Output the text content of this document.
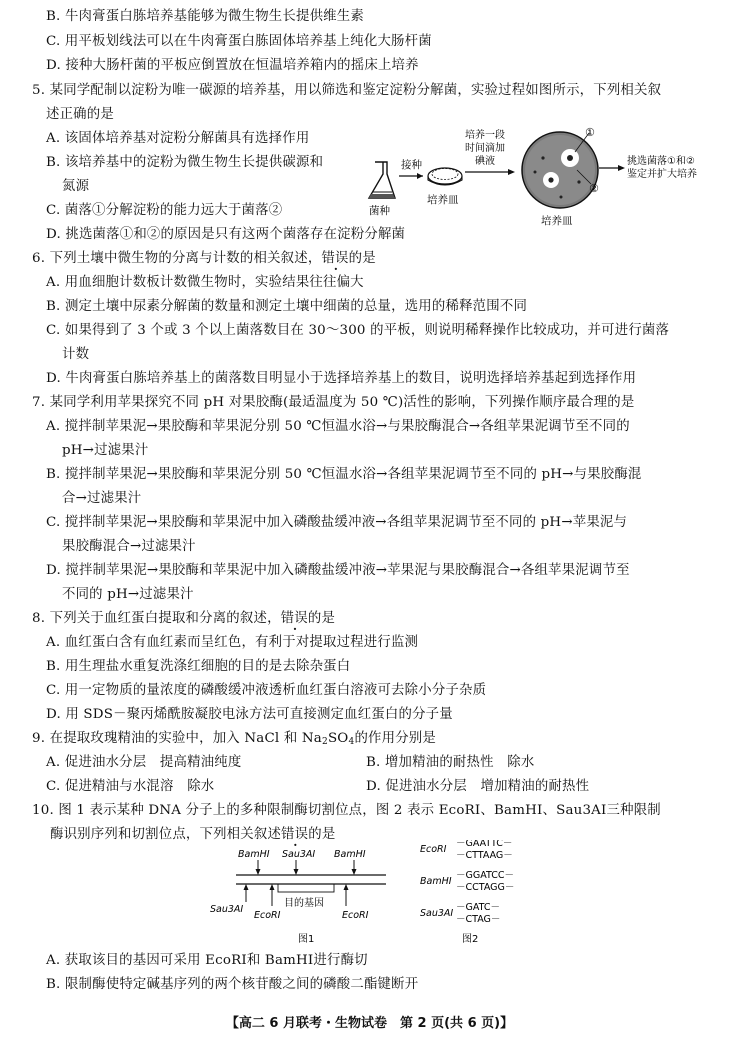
B. 牛肉膏蛋白胨培养基能够为微生物生长提供维生素
C. 用平板划线法可以在牛肉膏蛋白胨固体培养基上纯化大肠杆菌
D. 接种大肠杆菌的平板应倒置放在恒温培养箱内的摇床上培养
5. 某同学配制以淀粉为唯一碳源的培养基，用以筛选和鉴定淀粉分解菌，实验过程如图所示，下列相关叙
述正确的是
A. 该固体培养基对淀粉分解菌具有选择作用
B. 该培养基中的淀粉为微生物生长提供碳源和
氮源
C. 菌落①分解淀粉的能力远大于菌落②
D. 挑选菌落①和②的原因是只有这两个菌落存在淀粉分解菌
菌种
接种
培养皿
培养一段
时间滴加
碘液
①
②
培养皿
挑选菌落①和②
鉴定并扩大培养
6. 下列土壤中微生物的分离与计数的相关叙述，错误的是
A. 用血细胞计数板计数微生物时，实验结果往往偏大
B. 测定土壤中尿素分解菌的数量和测定土壤中细菌的总量，选用的稀释范围不同
C. 如果得到了 3 个或 3 个以上菌落数目在 30～300 的平板，则说明稀释操作比较成功，并可进行菌落
计数
D. 牛肉膏蛋白胨培养基上的菌落数目明显小于选择培养基上的数目，说明选择培养基起到选择作用
7. 某同学利用苹果探究不同 pH 对果胶酶(最适温度为 50 ℃)活性的影响，下列操作顺序最合理的是
A. 搅拌制苹果泥→果胶酶和苹果泥分别 50 ℃恒温水浴→与果胶酶混合→各组苹果泥调节至不同的
pH→过滤果汁
B. 搅拌制苹果泥→果胶酶和苹果泥分别 50 ℃恒温水浴→各组苹果泥调节至不同的 pH→与果胶酶混
合→过滤果汁
C. 搅拌制苹果泥→果胶酶和苹果泥中加入磷酸盐缓冲液→各组苹果泥调节至不同的 pH→苹果泥与
果胶酶混合→过滤果汁
D. 搅拌制苹果泥→果胶酶和苹果泥中加入磷酸盐缓冲液→苹果泥与果胶酶混合→各组苹果泥调节至
不同的 pH→过滤果汁
8. 下列关于血红蛋白提取和分离的叙述，错误的是
A. 血红蛋白含有血红素而呈红色，有利于对提取过程进行监测
B. 用生理盐水重复洗涤红细胞的目的是去除杂蛋白
C. 用一定物质的量浓度的磷酸缓冲液透析血红蛋白溶液可去除小分子杂质
D. 用 SDS－聚丙烯酰胺凝胶电泳方法可直接测定血红蛋白的分子量
9. 在提取玫瑰精油的实验中，加入 NaCl 和 $Na_2SO_4$的作用分别是
A. 促进油水分层　提高精油纯度	B. 增加精油的耐热性　除水
C. 促进精油与水混溶　除水	D. 促进油水分层　增加精油的耐热性
10. 图 1 表示某种 DNA 分子上的多种限制酶切割位点，图 2 表示 EcoRⅠ、BamHⅠ、Sau3AⅠ三种限制
酶识别序列和切割位点，下列相关叙述错误的是
BamHⅠ Sau3AⅠ BamHⅠ
Sau3AⅠ
EcoRⅠ
目的基因
EcoRⅠ
图1
EcoRⅠ
－GAATTC－
－CTTAAG－
BamHⅠ
－GGATCC－
－CCTAGG－
Sau3AⅠ
－GATC－
－CTAG－
图2
A. 获取该目的基因可采用 EcoRⅠ和 BamHⅠ进行酶切
B. 限制酶使特定碱基序列的两个核苷酸之间的磷酸二酯键断开
【高二 6 月联考・生物试卷　第 2 页(共 6 页)】
